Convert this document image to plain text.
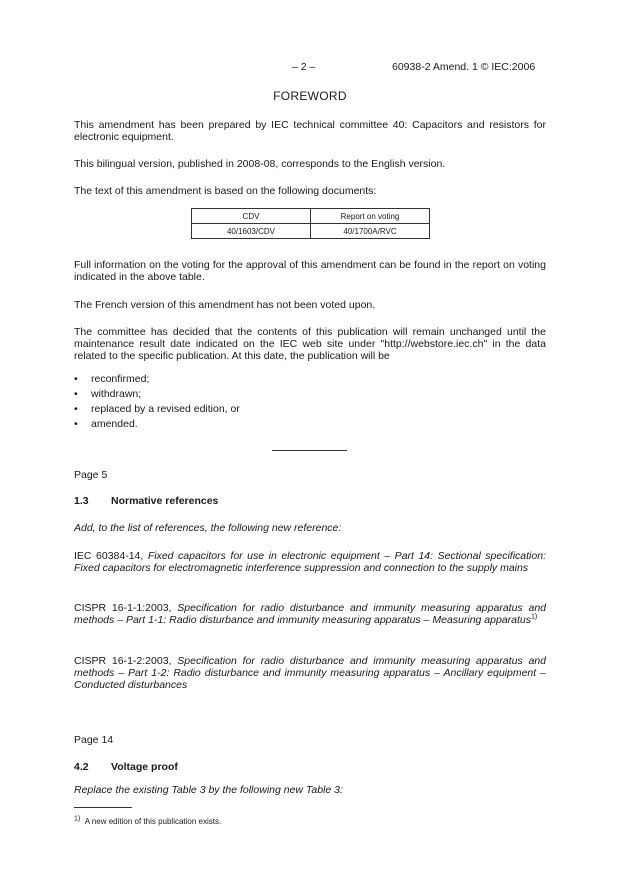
– 2 –	60938-2 Amend. 1 © IEC:2006
FOREWORD
This amendment has been prepared by IEC technical committee 40: Capacitors and resistors for electronic equipment.
This bilingual version, published in 2008-08, corresponds to the English version.
The text of this amendment is based on the following documents:
CDV	Report on voting
40/1603/CDV	40/1700A/RVC
Full information on the voting for the approval of this amendment can be found in the report on voting indicated in the above table.
The French version of this amendment has not been voted upon.
The committee has decided that the contents of this publication will remain unchanged until the maintenance result date indicated on the IEC web site under "http://webstore.iec.ch" in the data related to the specific publication. At this date, the publication will be
• reconfirmed;
• withdrawn;
• replaced by a revised edition, or
• amended.
Page 5
1.3 Normative references
Add, to the list of references, the following new reference:
IEC 60384-14, Fixed capacitors for use in electronic equipment – Part 14: Sectional specification: Fixed capacitors for electromagnetic interference suppression and connection to the supply mains
CISPR 16-1-1:2003, Specification for radio disturbance and immunity measuring apparatus and methods – Part 1-1: Radio disturbance and immunity measuring apparatus – Measuring apparatus$^{1)}$
CISPR 16-1-2:2003, Specification for radio disturbance and immunity measuring apparatus and methods – Part 1-2: Radio disturbance and immunity measuring apparatus – Ancillary equipment – Conducted disturbances
Page 14
4.2 Voltage proof
Replace the existing Table 3 by the following new Table 3:
$^{1)}$ A new edition of this publication exists.
